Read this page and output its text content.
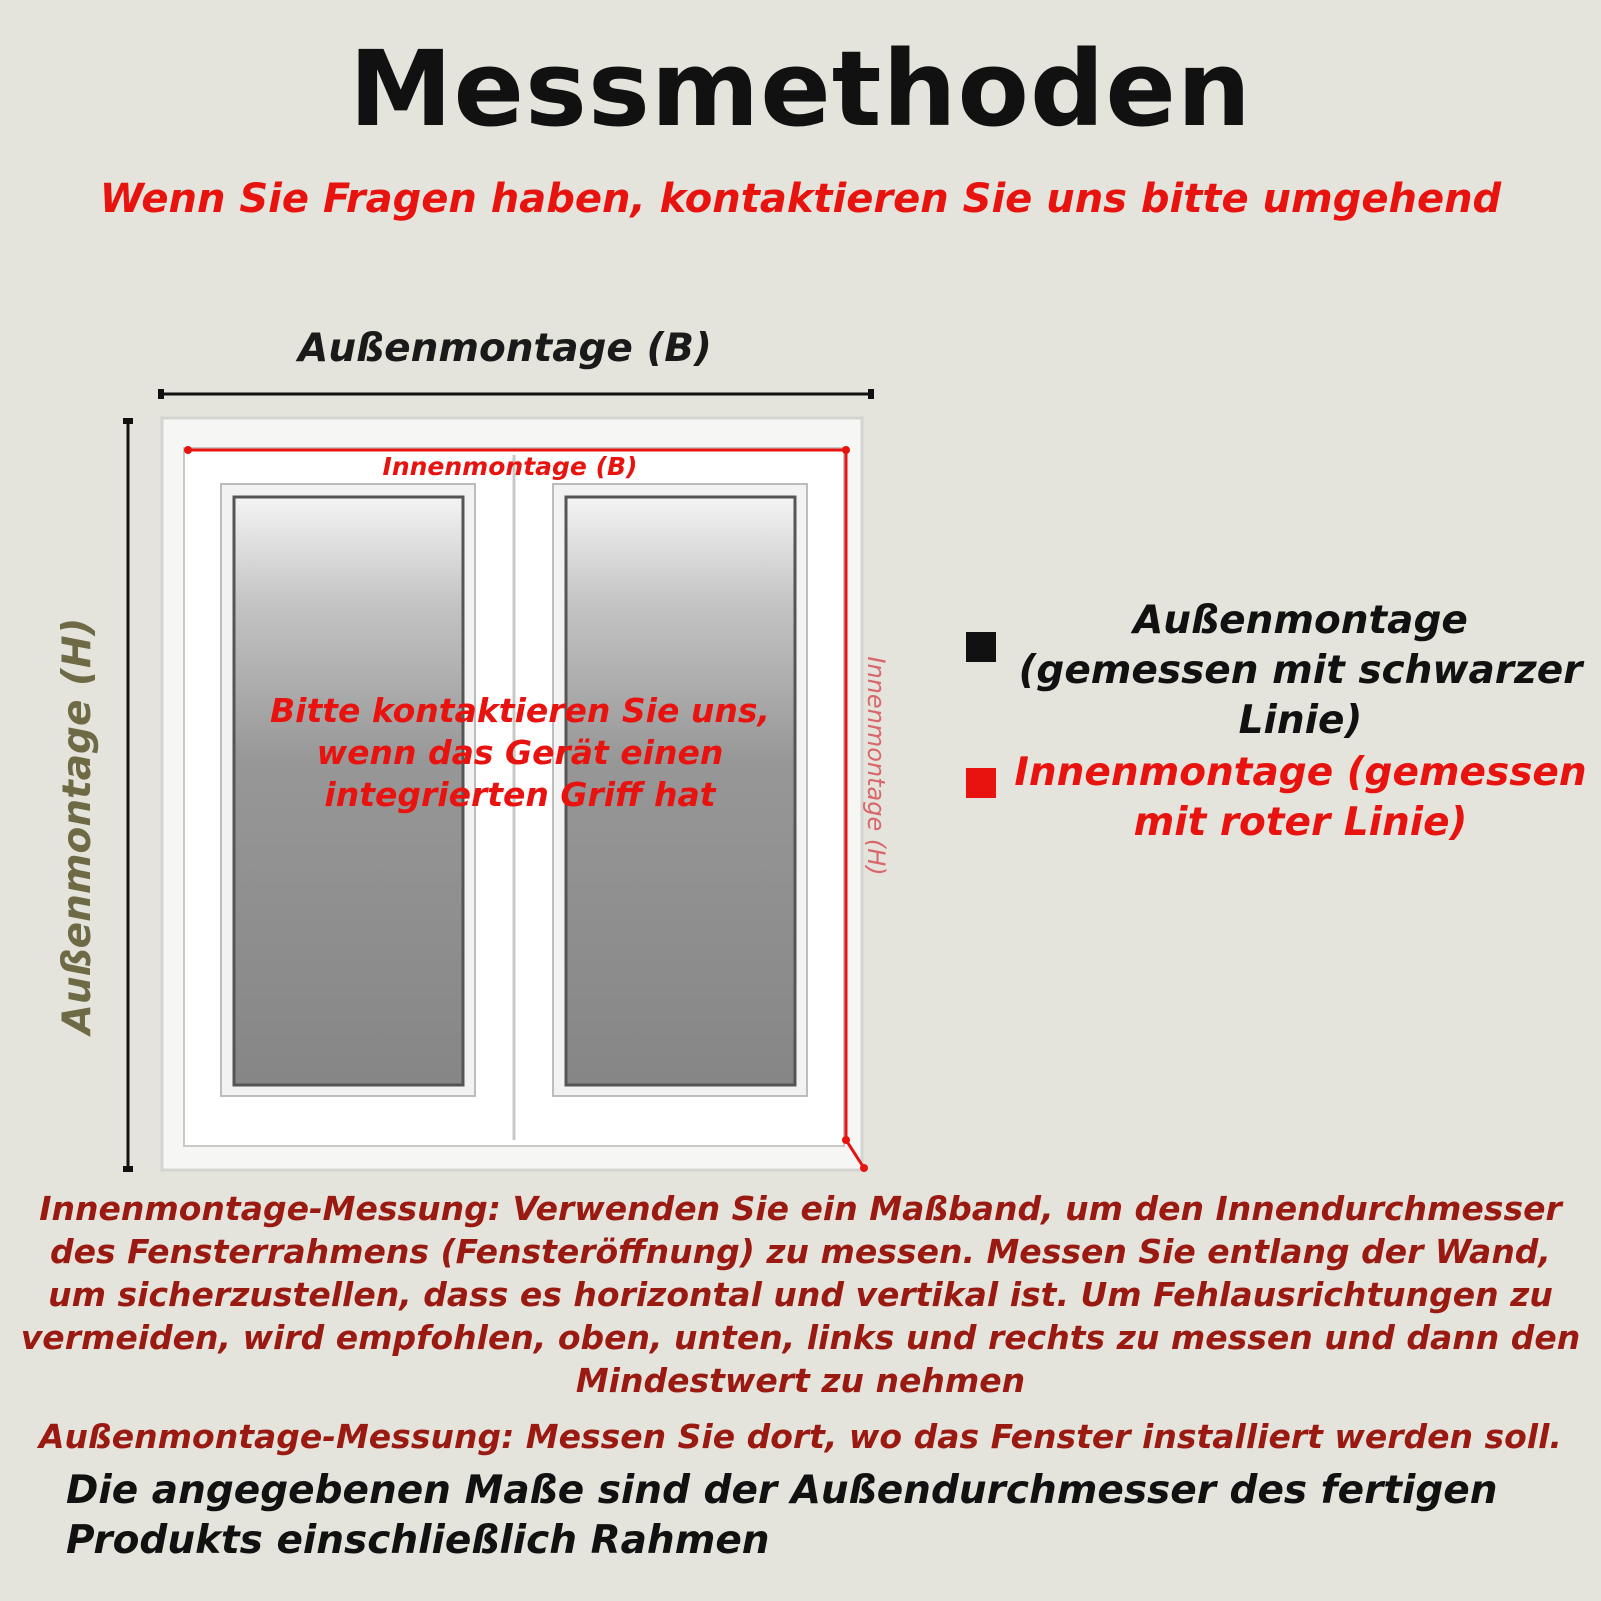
Messmethoden
Wenn Sie Fragen haben, kontaktieren Sie uns bitte umgehend
Außenmontage (B)
Innenmontage (B)
Außenmontage (H)	Innenmontage (H)
Bitte kontaktieren Sie uns, wenn das Gerät einen integrierten Griff hat
Außenmontage (gemessen mit schwarzer Linie)
Innenmontage (gemessen mit roter Linie)
Innenmontage-Messung: Verwenden Sie ein Maßband, um den Innendurchmesser des Fensterrahmens (Fensteröffnung) zu messen. Messen Sie entlang der Wand, um sicherzustellen, dass es horizontal und vertikal ist. Um Fehlausrichtungen zu vermeiden, wird empfohlen, oben, unten, links und rechts zu messen und dann den Mindestwert zu nehmen
Außenmontage-Messung: Messen Sie dort, wo das Fenster installiert werden soll.
Die angegebenen Maße sind der Außendurchmesser des fertigen Produkts einschließlich Rahmen
